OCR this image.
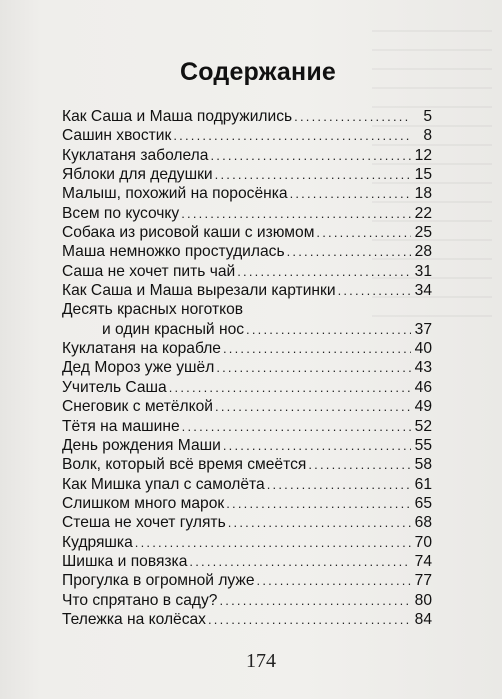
Содержание
Как Саша и Маша подружились .....	5
Сашин хвостик .....	8
Куклатаня заболела .....	12
Яблоки для дедушки .....	15
Малыш, похожий на поросёнка .....	18
Всем по кусочку .....	22
Собака из рисовой каши с изюмом .....	25
Маша немножко простудилась .....	28
Саша не хочет пить чай .....	31
Как Саша и Маша вырезали картинки .....	34
Десять красных ноготков
и один красный нос .....	37
Куклатаня на корабле .....	40
Дед Мороз уже ушёл .....	43
Учитель Саша .....	46
Снеговик с метёлкой .....	49
Тётя на машине .....	52
День рождения Маши .....	55
Волк, который всё время смеётся .....	58
Как Мишка упал с самолёта .....	61
Слишком много марок .....	65
Стеша не хочет гулять .....	68
Кудряшка .....	70
Шишка и повязка .....	74
Прогулка в огромной луже .....	77
Что спрятано в саду? .....	80
Тележка на колёсах .....	84
174
